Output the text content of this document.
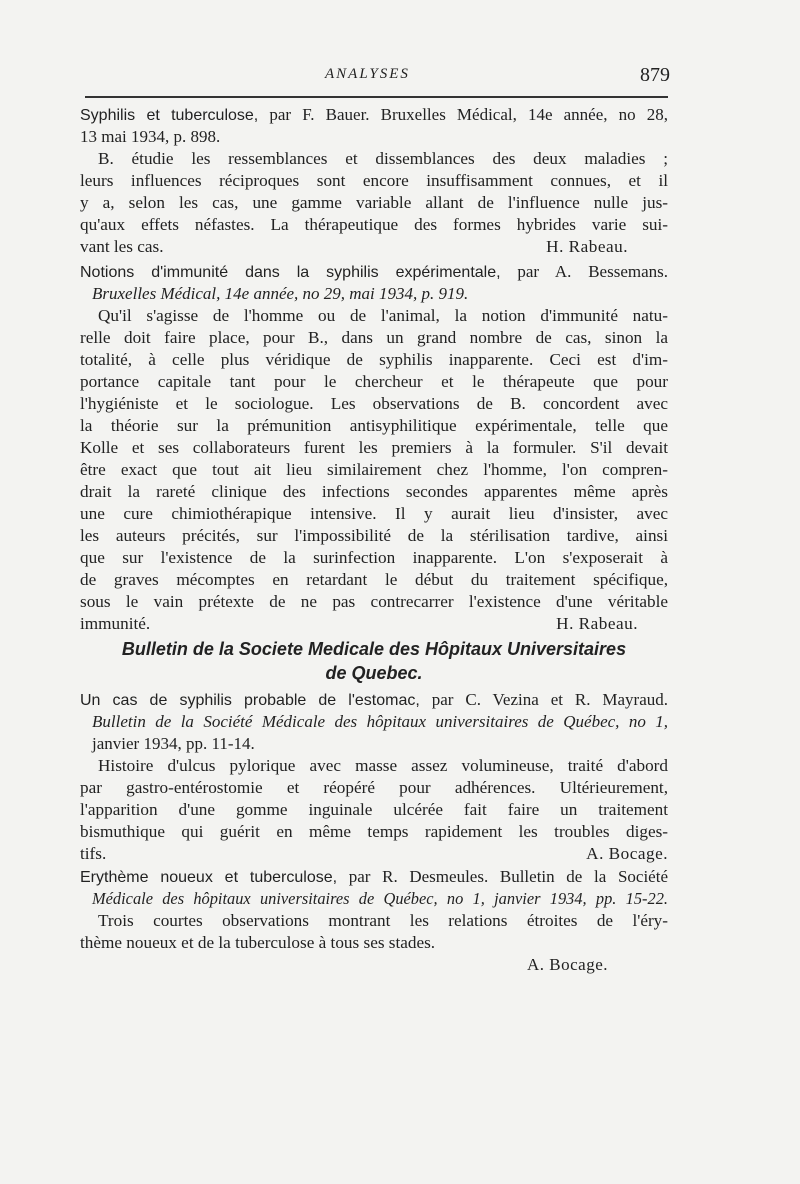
ANALYSES	879
Syphilis et tuberculose, par F. Bauer. Bruxelles Médical, 14e année, no 28,
13 mai 1934, p. 898.
B. étudie les ressemblances et dissemblances des deux maladies ;
leurs influences réciproques sont encore insuffisamment connues, et il
y a, selon les cas, une gamme variable allant de l'influence nulle jus-
qu'aux effets néfastes. La thérapeutique des formes hybrides varie sui-
vant les cas.	H. Rabeau.
Notions d'immunité dans la syphilis expérimentale, par A. Bessemans.
Bruxelles Médical, 14e année, no 29, mai 1934, p. 919.
Qu'il s'agisse de l'homme ou de l'animal, la notion d'immunité natu-
relle doit faire place, pour B., dans un grand nombre de cas, sinon la
totalité, à celle plus véridique de syphilis inapparente. Ceci est d'im-
portance capitale tant pour le chercheur et le thérapeute que pour
l'hygiéniste et le sociologue. Les observations de B. concordent avec
la théorie sur la prémunition antisyphilitique expérimentale, telle que
Kolle et ses collaborateurs furent les premiers à la formuler. S'il devait
être exact que tout ait lieu similairement chez l'homme, l'on compren-
drait la rareté clinique des infections secondes apparentes même après
une cure chimiothérapique intensive. Il y aurait lieu d'insister, avec
les auteurs précités, sur l'impossibilité de la stérilisation tardive, ainsi
que sur l'existence de la surinfection inapparente. L'on s'exposerait à
de graves mécomptes en retardant le début du traitement spécifique,
sous le vain prétexte de ne pas contrecarrer l'existence d'une véritable
immunité.	H. Rabeau.
Bulletin de la Societe Medicale des Hôpitaux Universitaires
de Quebec.
Un cas de syphilis probable de l'estomac, par C. Vezina et R. Mayraud.
Bulletin de la Société Médicale des hôpitaux universitaires de Québec, no 1,
janvier 1934, pp. 11-14.
Histoire d'ulcus pylorique avec masse assez volumineuse, traité d'abord
par gastro-entérostomie et réopéré pour adhérences. Ultérieurement,
l'apparition d'une gomme inguinale ulcérée fait faire un traitement
bismuthique qui guérit en même temps rapidement les troubles diges-
tifs.	A. Bocage.
Erythème noueux et tuberculose, par R. Desmeules. Bulletin de la Société
Médicale des hôpitaux universitaires de Québec, no 1, janvier 1934, pp. 15-22.
Trois courtes observations montrant les relations étroites de l'éry-
thème noueux et de la tuberculose à tous ses stades.
A. Bocage.
